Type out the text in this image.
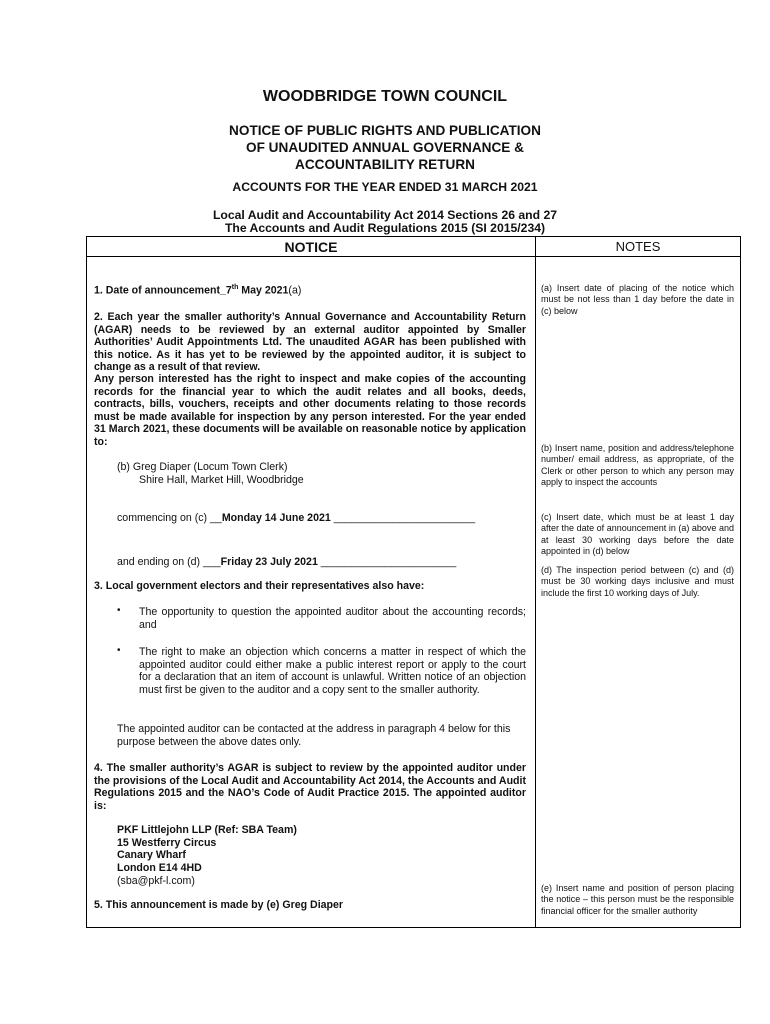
WOODBRIDGE TOWN COUNCIL
NOTICE OF PUBLIC RIGHTS AND PUBLICATION
OF UNAUDITED ANNUAL GOVERNANCE &
ACCOUNTABILITY RETURN
ACCOUNTS FOR THE YEAR ENDED 31 MARCH 2021
Local Audit and Accountability Act 2014 Sections 26 and 27
The Accounts and Audit Regulations 2015 (SI 2015/234)
NOTICE	NOTES
1. Date of announcement_7th May 2021(a)
2. Each year the smaller authority’s Annual Governance and Accountability Return (AGAR) needs to be reviewed by an external auditor appointed by Smaller Authorities’ Audit Appointments Ltd. The unaudited AGAR has been published with this notice. As it has yet to be reviewed by the appointed auditor, it is subject to change as a result of that review.
Any person interested has the right to inspect and make copies of the accounting records for the financial year to which the audit relates and all books, deeds, contracts, bills, vouchers, receipts and other documents relating to those records must be made available for inspection by any person interested. For the year ended 31 March 2021, these documents will be available on reasonable notice by application to:
(b) Greg Diaper (Locum Town Clerk)
Shire Hall, Market Hill, Woodbridge
commencing on (c) __Monday 14 June 2021 ________________________
and ending on (d) ___Friday 23 July 2021 _______________________
3. Local government electors and their representatives also have:
• The opportunity to question the appointed auditor about the accounting records; and
• The right to make an objection which concerns a matter in respect of which the appointed auditor could either make a public interest report or apply to the court for a declaration that an item of account is unlawful. Written notice of an objection must first be given to the auditor and a copy sent to the smaller authority.
The appointed auditor can be contacted at the address in paragraph 4 below for this purpose between the above dates only.
4. The smaller authority’s AGAR is subject to review by the appointed auditor under the provisions of the Local Audit and Accountability Act 2014, the Accounts and Audit Regulations 2015 and the NAO’s Code of Audit Practice 2015. The appointed auditor is:
PKF Littlejohn LLP (Ref: SBA Team)
15 Westferry Circus
Canary Wharf
London E14 4HD
(sba@pkf-l.com)
5. This announcement is made by (e) Greg Diaper
(a) Insert date of placing of the notice which must be not less than 1 day before the date in (c) below
(b) Insert name, position and address/telephone number/ email address, as appropriate, of the Clerk or other person to which any person may apply to inspect the accounts
(c) Insert date, which must be at least 1 day after the date of announcement in (a) above and at least 30 working days before the date appointed in (d) below
(d) The inspection period between (c) and (d) must be 30 working days inclusive and must include the first 10 working days of July.
(e) Insert name and position of person placing the notice – this person must be the responsible financial officer for the smaller authority
